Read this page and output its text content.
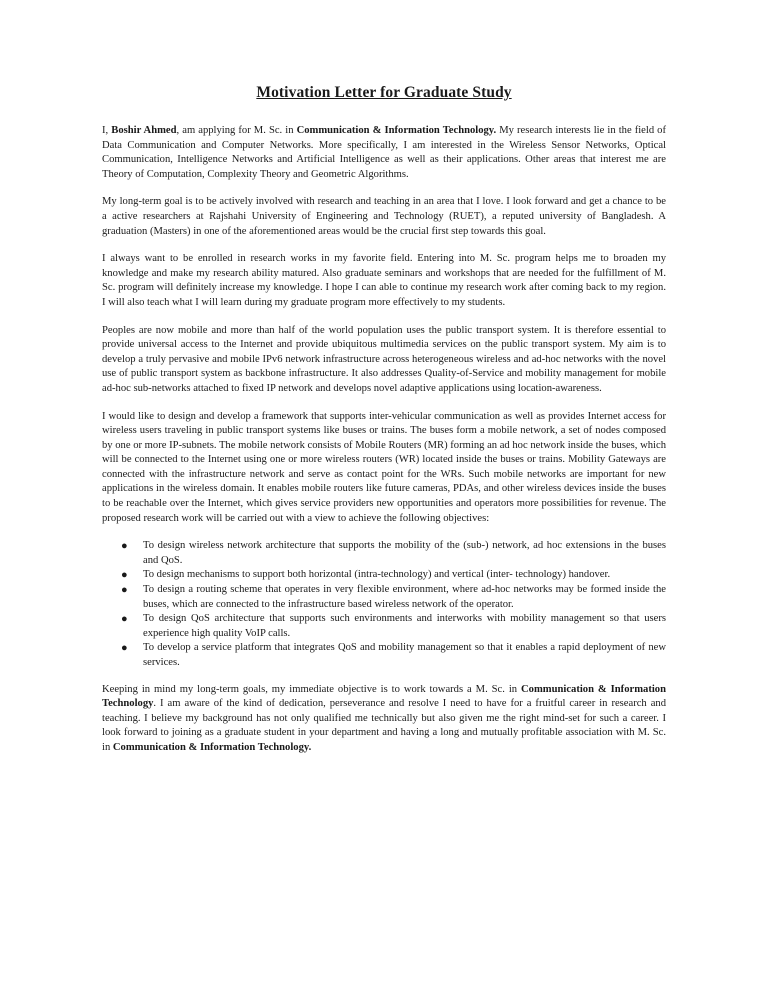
Motivation Letter for Graduate Study

I, Boshir Ahmed, am applying for M. Sc. in Communication & Information Technology. My research interests lie in the field of Data Communication and Computer Networks. More specifically, I am interested in the Wireless Sensor Networks, Optical Communication, Intelligence Networks and Artificial Intelligence as well as their applications. Other areas that interest me are Theory of Computation, Complexity Theory and Geometric Algorithms.

My long-term goal is to be actively involved with research and teaching in an area that I love. I look forward and get a chance to be a active researchers at Rajshahi University of Engineering and Technology (RUET), a reputed university of Bangladesh. A graduation (Masters) in one of the aforementioned areas would be the crucial first step towards this goal.

I always want to be enrolled in research works in my favorite field. Entering into M. Sc. program helps me to broaden my knowledge and make my research ability matured. Also graduate seminars and workshops that are needed for the fulfillment of M. Sc. program will definitely increase my knowledge. I hope I can able to continue my research work after coming back to my region. I will also teach what I will learn during my graduate program more effectively to my students.

Peoples are now mobile and more than half of the world population uses the public transport system. It is therefore essential to provide universal access to the Internet and provide ubiquitous multimedia services on the public transport system. My aim is to develop a truly pervasive and mobile IPv6 network infrastructure across heterogeneous wireless and ad-hoc networks with the novel use of public transport system as backbone infrastructure. It also addresses Quality-of-Service and mobility management for mobile ad-hoc sub-networks attached to fixed IP network and develops novel adaptive applications using location-awareness.

I would like to design and develop a framework that supports inter-vehicular communication as well as provides Internet access for wireless users traveling in public transport systems like buses or trains. The buses form a mobile network, a set of nodes composed by one or more IP-subnets. The mobile network consists of Mobile Routers (MR) forming an ad hoc network inside the buses, which will be connected to the Internet using one or more wireless routers (WR) located inside the buses or trains. Mobility Gateways are connected with the infrastructure network and serve as contact point for the WRs. Such mobile networks are important for new applications in the wireless domain. It enables mobile routers like future cameras, PDAs, and other wireless devices inside the buses to be reachable over the Internet, which gives service providers new opportunities and operators more possibilities for revenue. The proposed research work will be carried out with a view to achieve the following objectives:

● To design wireless network architecture that supports the mobility of the (sub-) network, ad hoc extensions in the buses and QoS.
● To design mechanisms to support both horizontal (intra-technology) and vertical (inter- technology) handover.
● To design a routing scheme that operates in very flexible environment, where ad-hoc networks may be formed inside the buses, which are connected to the infrastructure based wireless network of the operator.
● To design QoS architecture that supports such environments and interworks with mobility management so that users experience high quality VoIP calls.
● To develop a service platform that integrates QoS and mobility management so that it enables a rapid deployment of new services.

Keeping in mind my long-term goals, my immediate objective is to work towards a M. Sc. in Communication & Information Technology. I am aware of the kind of dedication, perseverance and resolve I need to have for a fruitful career in research and teaching. I believe my background has not only qualified me technically but also given me the right mind-set for such a career. I look forward to joining as a graduate student in your department and having a long and mutually profitable association with M. Sc. in Communication & Information Technology.
